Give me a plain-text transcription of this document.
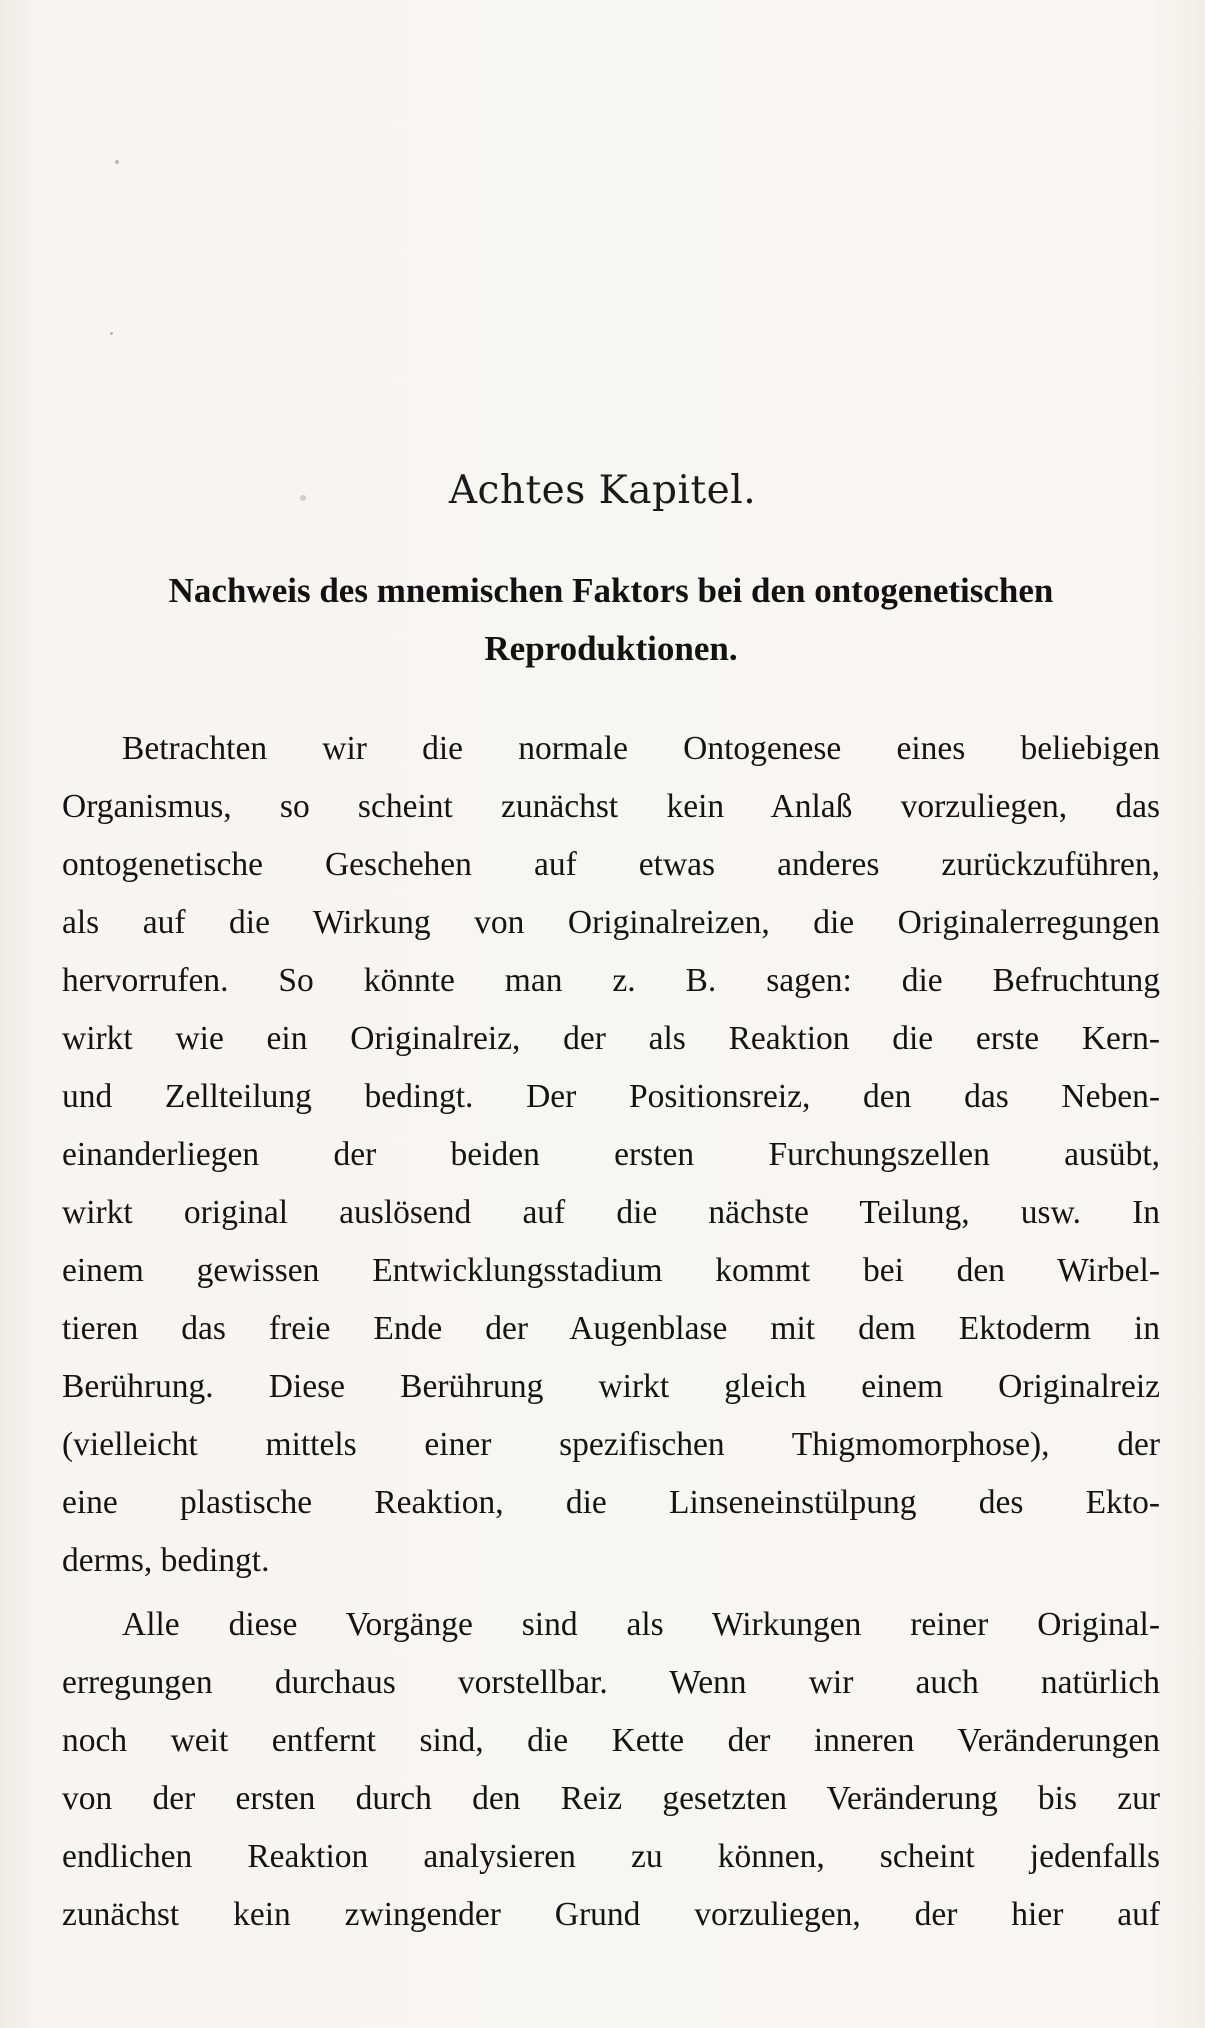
Achtes Kapitel.
Nachweis des mnemischen Faktors bei den ontogenetischen
Reproduktionen.
Betrachten wir die normale Ontogenese eines beliebigen
Organismus, so scheint zunächst kein Anlaß vorzuliegen, das
ontogenetische Geschehen auf etwas anderes zurückzuführen,
als auf die Wirkung von Originalreizen, die Originalerregungen
hervorrufen. So könnte man z. B. sagen: die Befruchtung
wirkt wie ein Originalreiz, der als Reaktion die erste Kern-
und Zellteilung bedingt. Der Positionsreiz, den das Neben-
einanderliegen der beiden ersten Furchungszellen ausübt,
wirkt original auslösend auf die nächste Teilung, usw. In
einem gewissen Entwicklungsstadium kommt bei den Wirbel-
tieren das freie Ende der Augenblase mit dem Ektoderm in
Berührung. Diese Berührung wirkt gleich einem Originalreiz
(vielleicht mittels einer spezifischen Thigmomorphose), der
eine plastische Reaktion, die Linseneinstülpung des Ekto-
derms, bedingt.
Alle diese Vorgänge sind als Wirkungen reiner Original-
erregungen durchaus vorstellbar. Wenn wir auch natürlich
noch weit entfernt sind, die Kette der inneren Veränderungen
von der ersten durch den Reiz gesetzten Veränderung bis zur
endlichen Reaktion analysieren zu können, scheint jedenfalls
zunächst kein zwingender Grund vorzuliegen, der hier auf
